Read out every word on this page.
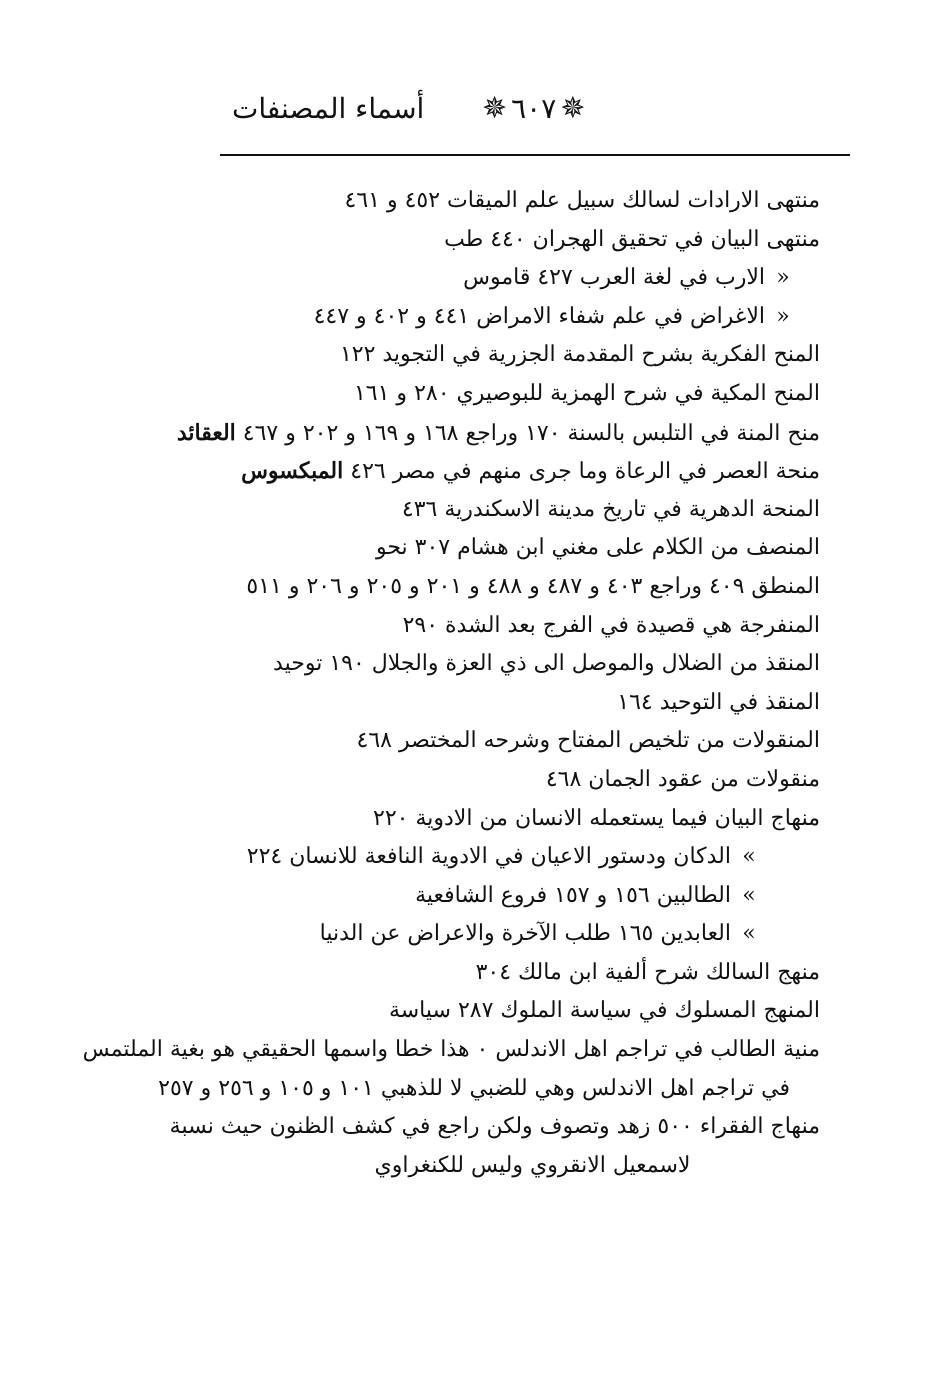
أسماء المصنفات	✵
٦٠٧
✵
منتهى الارادات لسالك سبيل علم الميقات ٤٥٢ و ٤٦١
منتهى البيان في تحقيق الهجران ٤٤٠ طب
« الارب في لغة العرب ٤٢٧ قاموس
« الاغراض في علم شفاء الامراض ٤٤١ و ٤٠٢ و ٤٤٧
المنح الفكرية بشرح المقدمة الجزرية في التجويد ١٢٢
المنح المكية في شرح الهمزية للبوصيري ٢٨٠ و ١٦١
منح المنة في التلبس بالسنة ١٧٠ وراجع ١٦٨ و ١٦٩ و ٢٠٢ و ٤٦٧ العقائد
منحة العصر في الرعاة وما جرى منهم في مصر ٤٢٦ المبكسوس
المنحة الدهرية في تاريخ مدينة الاسكندرية ٤٣٦
المنصف من الكلام على مغني ابن هشام ٣٠٧ نحو
المنطق ٤٠٩ وراجع ٤٠٣ و ٤٨٧ و ٤٨٨ و ٢٠١ و ٢٠٥ و ٢٠٦ و ٥١١
المنفرجة هي قصيدة في الفرج بعد الشدة ٢٩٠
المنقذ من الضلال والموصل الى ذي العزة والجلال ١٩٠ توحيد
المنقذ في التوحيد ١٦٤
المنقولات من تلخيص المفتاح وشرحه المختصر ٤٦٨
منقولات من عقود الجمان ٤٦٨
منهاج البيان فيما يستعمله الانسان من الادوية ٢٢٠
» الدكان ودستور الاعيان في الادوية النافعة للانسان ٢٢٤
» الطالبين ١٥٦ و ١٥٧ فروع الشافعية
» العابدين ١٦٥ طلب الآخرة والاعراض عن الدنيا
منهج السالك شرح ألفية ابن مالك ٣٠٤
المنهج المسلوك في سياسة الملوك ٢٨٧ سياسة
منية الطالب في تراجم اهل الاندلس ٠ هذا خطا واسمها الحقيقي هو بغية الملتمس
في تراجم اهل الاندلس وهي للضبي لا للذهبي ١٠١ و ١٠٥ و ٢٥٦ و ٢٥٧
منهاج الفقراء ٥٠٠ زهد وتصوف ولكن راجع في كشف الظنون حيث نسبة
لاسمعيل الانقروي وليس للكنغراوي
